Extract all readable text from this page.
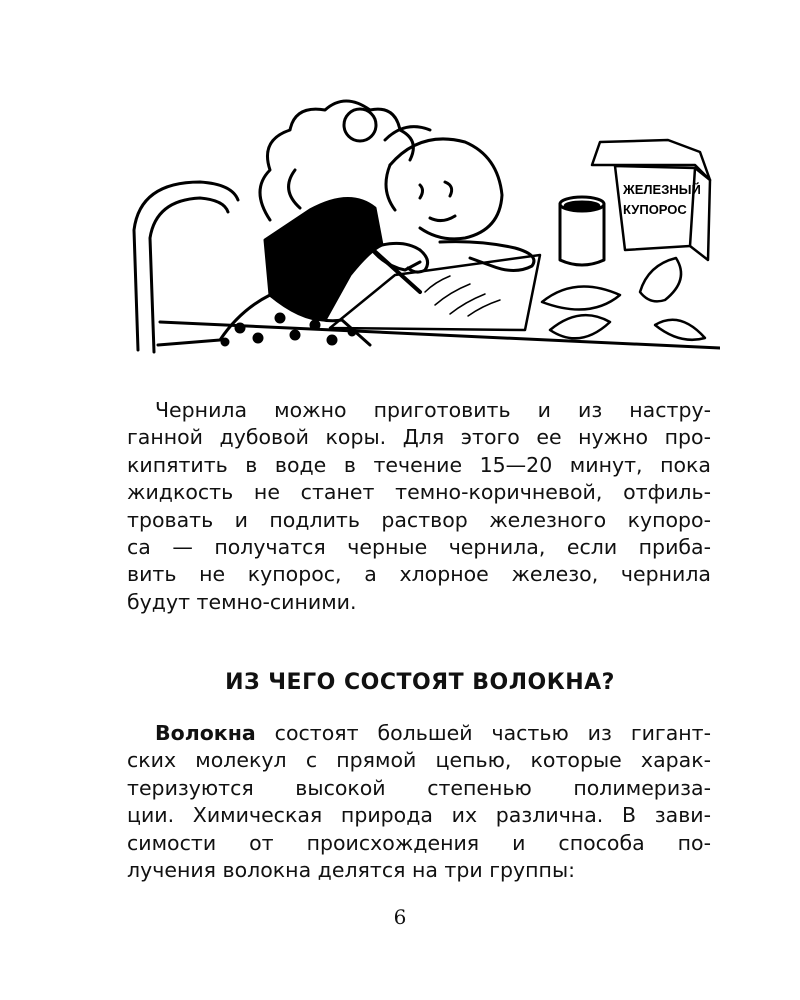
ЖЕЛЕЗНЫЙ
КУПОРОС
Чернила можно приготовить и из настру-
ганной дубовой коры. Для этого ее нужно про-
кипятить в воде в течение 15—20 минут, пока
жидкость не станет темно-коричневой, отфиль-
тровать и подлить раствор железного купоро-
са — получатся черные чернила, если приба-
вить не купорос, а хлорное железо, чернила
будут темно-синими.
ИЗ ЧЕГО СОСТОЯТ ВОЛОКНА?
Волокна состоят большей частью из гигант-
ских молекул с прямой цепью, которые харак-
теризуются высокой степенью полимериза-
ции. Химическая природа их различна. В зави-
симости от происхождения и способа по-
лучения волокна делятся на три группы:
6
